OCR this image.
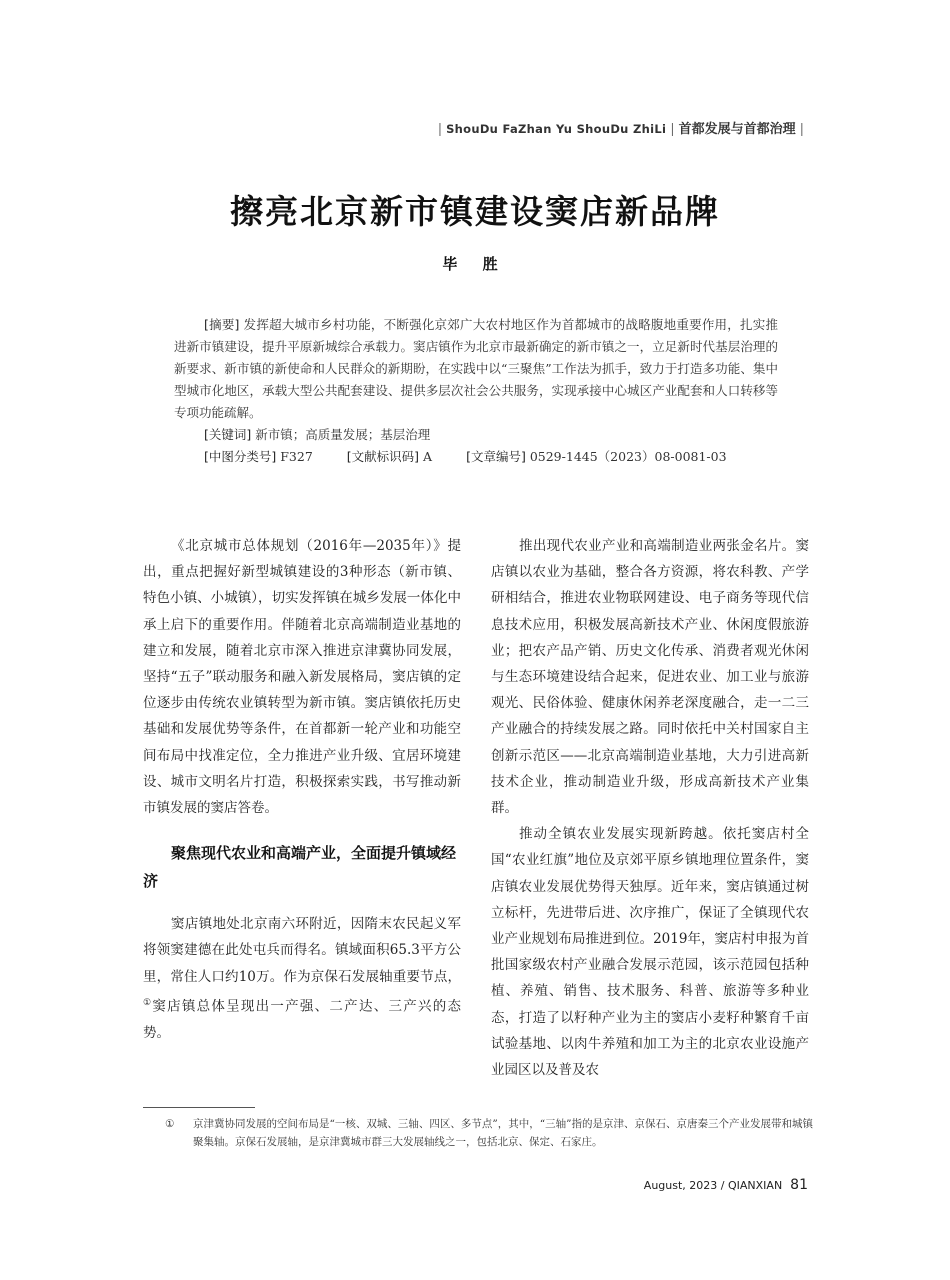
| ShouDu FaZhan Yu ShouDu ZhiLi | 首都发展与首都治理 |
擦亮北京新市镇建设窦店新品牌
毕 胜

[摘要] 发挥超大城市乡村功能，不断强化京郊广大农村地区作为首都城市的战略腹地重要作用，扎实推进新市镇建设，提升平原新城综合承载力。窦店镇作为北京市最新确定的新市镇之一，立足新时代基层治理的新要求、新市镇的新使命和人民群众的新期盼，在实践中以“三聚焦”工作法为抓手，致力于打造多功能、集中型城市化地区，承载大型公共配套建设、提供多层次社会公共服务，实现承接中心城区产业配套和人口转移等专项功能疏解。

[关键词] 新市镇；高质量发展；基层治理
[中图分类号] F327	[文献标识码] A	[文章编号] 0529-1445（2023）08-0081-03

《北京城市总体规划（2016年—2035年）》提出，重点把握好新型城镇建设的3种形态（新市镇、特色小镇、小城镇），切实发挥镇在城乡发展一体化中承上启下的重要作用。伴随着北京高端制造业基地的建立和发展，随着北京市深入推进京津冀协同发展，坚持“五子”联动服务和融入新发展格局，窦店镇的定位逐步由传统农业镇转型为新市镇。窦店镇依托历史基础和发展优势等条件，在首都新一轮产业和功能空间布局中找准定位，全力推进产业升级、宜居环境建设、城市文明名片打造，积极探索实践，书写推动新市镇发展的窦店答卷。

聚焦现代农业和高端产业，全面提升镇域经济

窦店镇地处北京南六环附近，因隋末农民起义军将领窦建德在此处屯兵而得名。镇域面积65.3平方公里，常住人口约10万。作为京保石发展轴重要节点，①窦店镇总体呈现出一产强、二产达、三产兴的态势。

推出现代农业产业和高端制造业两张金名片。窦店镇以农业为基础，整合各方资源，将农科教、产学研相结合，推进农业物联网建设、电子商务等现代信息技术应用，积极发展高新技术产业、休闲度假旅游业；把农产品产销、历史文化传承、消费者观光休闲与生态环境建设结合起来，促进农业、加工业与旅游观光、民俗体验、健康休闲养老深度融合，走一二三产业融合的持续发展之路。同时依托中关村国家自主创新示范区——北京高端制造业基地，大力引进高新技术企业，推动制造业升级，形成高新技术产业集群。

推动全镇农业发展实现新跨越。依托窦店村全国“农业红旗”地位及京郊平原乡镇地理位置条件，窦店镇农业发展优势得天独厚。近年来，窦店镇通过树立标杆，先进带后进、次序推广，保证了全镇现代农业产业规划布局推进到位。2019年，窦店村申报为首批国家级农村产业融合发展示范园，该示范园包括种植、养殖、销售、技术服务、科普、旅游等多种业态，打造了以籽种产业为主的窦店小麦籽种繁育千亩试验基地、以肉牛养殖和加工为主的北京农业设施产业园区以及普及农

①	京津冀协同发展的空间布局是“一核、双城、三轴、四区、多节点”，其中，“三轴”指的是京津、京保石、京唐秦三个产业发展带和城镇聚集轴。京保石发展轴，是京津冀城市群三大发展轴线之一，包括北京、保定、石家庄。
August, 2023 / QIANXIAN 81
